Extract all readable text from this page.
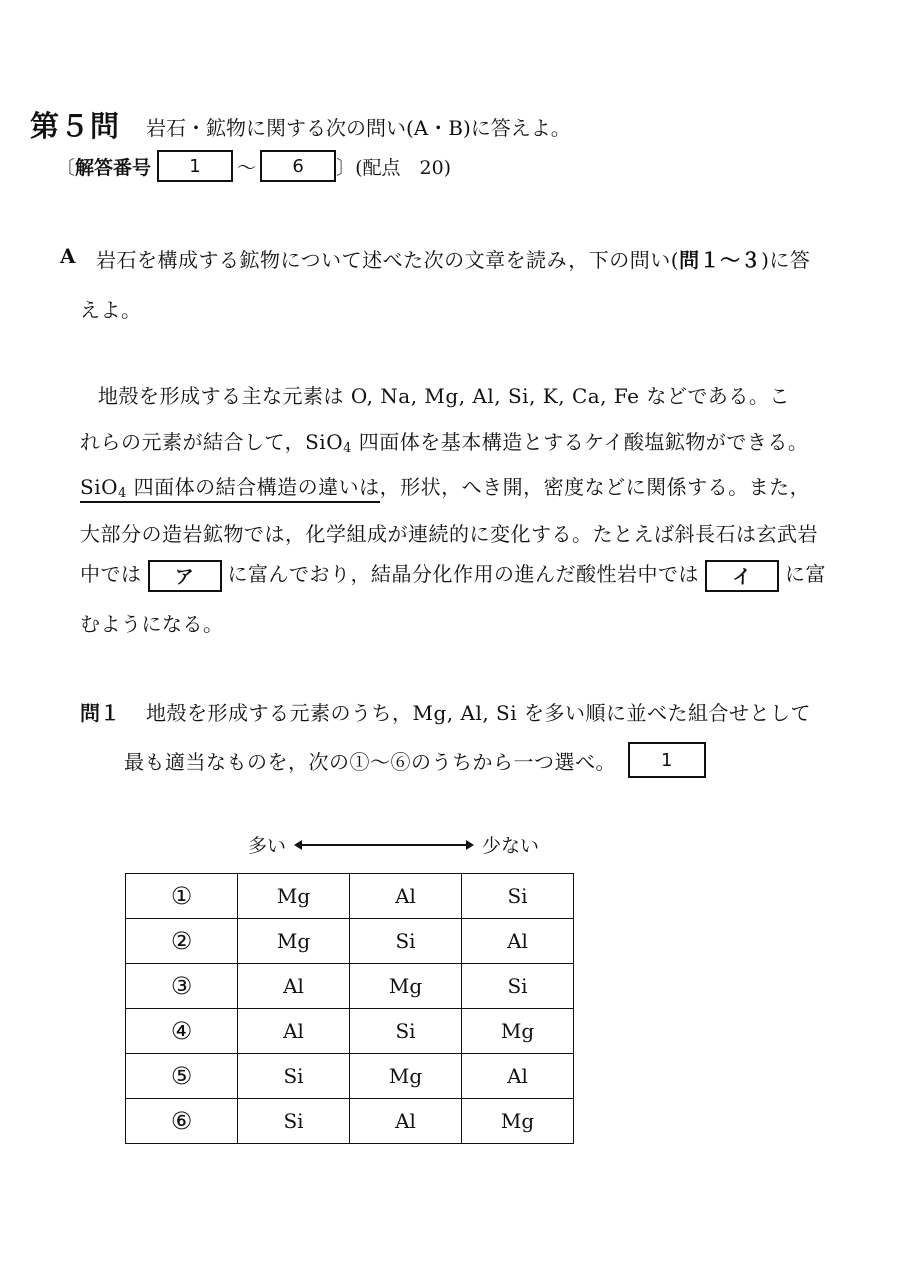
第５問 岩石・鉱物に関する次の問い(A・B)に答えよ。
〔 解答番号	1	〜	6	〕 (配点　20)
A 岩石を構成する鉱物について述べた次の文章を読み，下の問い(問１〜３)に答
えよ。
地殻を形成する主な元素は O, Na, Mg, Al, Si, K, Ca, Fe などである。こ
れらの元素が結合して，SiO4 四面体を基本構造とするケイ酸塩鉱物ができる。
SiO4 四面体の結合構造の違いは，形状，へき開，密度などに関係する。また，
大部分の造岩鉱物では，化学組成が連続的に変化する。たとえば斜長石は玄武岩
中では ア に富んでおり，結晶分化作用の進んだ酸性岩中では イ に富
むようになる。
問１ 地殻を形成する元素のうち，Mg, Al, Si を多い順に並べた組合せとして
最も適当なものを，次の①〜⑥のうちから一つ選べ。	1
多い	少ない
①	Mg	Al	Si
②	Mg	Si	Al
③	Al	Mg	Si
④	Al	Si	Mg
⑤	Si	Mg	Al
⑥	Si	Al	Mg
